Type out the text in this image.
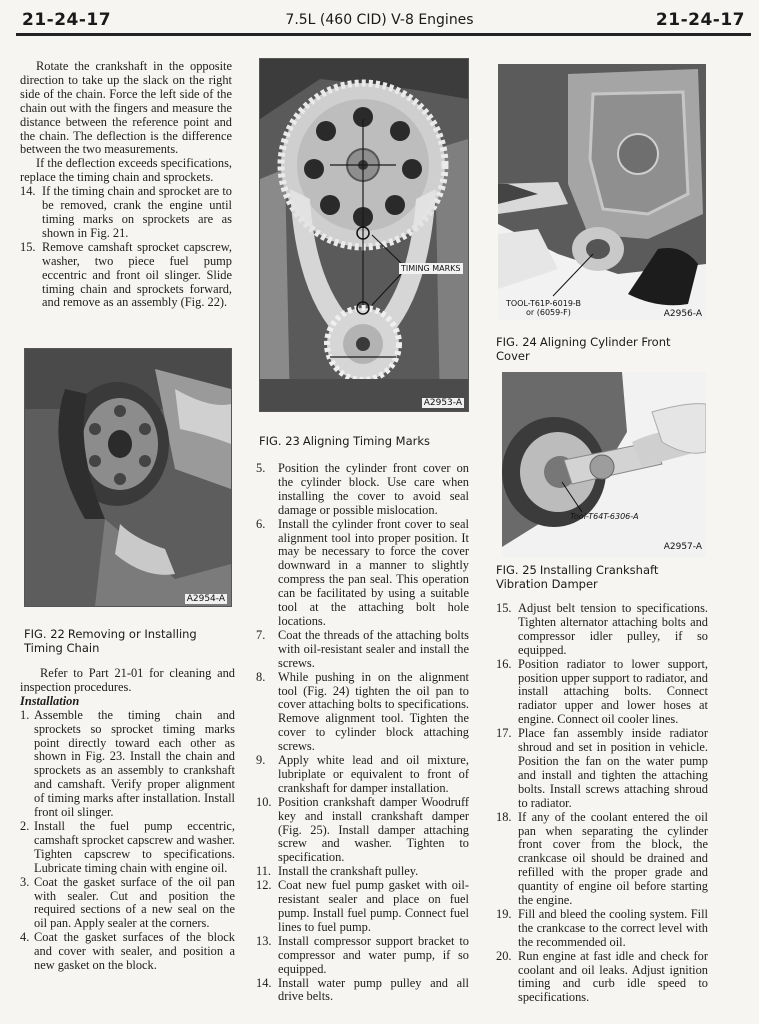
21-24-17	7.5L (460 CID) V-8 Engines	21-24-17

Rotate the crankshaft in the opposite direction to take up the slack on the right side of the chain. Force the left side of the chain out with the fingers and measure the distance between the reference point and the chain. The deflection is the difference between the two measurements.

If the deflection exceeds specifications, replace the timing chain and sprockets.

14. If the timing chain and sprocket are to be removed, crank the engine until timing marks on sprockets are as shown in Fig. 21.
15. Remove camshaft sprocket capscrew, washer, two piece fuel pump eccentric and front oil slinger. Slide timing chain and sprockets forward, and remove as an assembly (Fig. 22).
A2954-A
FIG. 22 Removing or Installing Timing Chain

Refer to Part 21-01 for cleaning and inspection procedures.

Installation

1. Assemble the timing chain and sprockets so sprocket timing marks point directly toward each other as shown in Fig. 23. Install the chain and sprockets as an assembly to crankshaft and camshaft. Verify proper alignment of timing marks after installation. Install front oil slinger.
2. Install the fuel pump eccentric, camshaft sprocket capscrew and washer. Tighten capscrew to specifications. Lubricate timing chain with engine oil.
3. Coat the gasket surface of the oil pan with sealer. Cut and position the required sections of a new seal on the oil pan. Apply sealer at the corners.
4. Coat the gasket surfaces of the block and cover with sealer, and position a new gasket on the block.
TIMING MARKS
A2953-A
FIG. 23 Aligning Timing Marks
5.	Position the cylinder front cover on the cylinder block. Use care when installing the cover to avoid seal damage or possible mislocation.
6.	Install the cylinder front cover to seal alignment tool into proper position. It may be necessary to force the cover downward in a manner to slightly compress the pan seal. This operation can be facilitated by using a suitable tool at the attaching bolt hole locations.
7.	Coat the threads of the attaching bolts with oil-resistant sealer and install the screws.
8.	While pushing in on the alignment tool (Fig. 24) tighten the oil pan to cover attaching bolts to specifications. Remove alignment tool. Tighten the cover to cylinder block attaching screws.
9.	Apply white lead and oil mixture, lubriplate or equivalent to front of crankshaft for damper installation.
10. Position crankshaft damper Woodruff key and install crankshaft damper (Fig. 25). Install damper attaching screw and washer. Tighten to specification.
11. Install the crankshaft pulley.
12. Coat new fuel pump gasket with oil-resistant sealer and place on fuel pump. Install fuel pump. Connect fuel lines to fuel pump.
13. Install compressor support bracket to compressor and water pump, if so equipped.
14. Install water pump pulley and all drive belts.
TOOL-T61P-6019-B
or (6059-F)	A2956-A
FIG. 24 Aligning Cylinder Front Cover
Tool-T64T-6306-A
A2957-A
FIG. 25 Installing Crankshaft Vibration Damper
15. Adjust belt tension to specifications. Tighten alternator attaching bolts and compressor idler pulley, if so equipped.
16. Position radiator to lower support, position upper support to radiator, and install attaching bolts. Connect radiator upper and lower hoses at engine. Connect oil cooler lines.
17. Place fan assembly inside radiator shroud and set in position in vehicle. Position the fan on the water pump and install and tighten the attaching bolts. Install screws attaching shroud to radiator.
18. If any of the coolant entered the oil pan when separating the cylinder front cover from the block, the crankcase oil should be drained and refilled with the proper grade and quantity of engine oil before starting the engine.
19. Fill and bleed the cooling system. Fill the crankcase to the correct level with the recommended oil.
20. Run engine at fast idle and check for coolant and oil leaks. Adjust ignition timing and curb idle speed to specifications.
